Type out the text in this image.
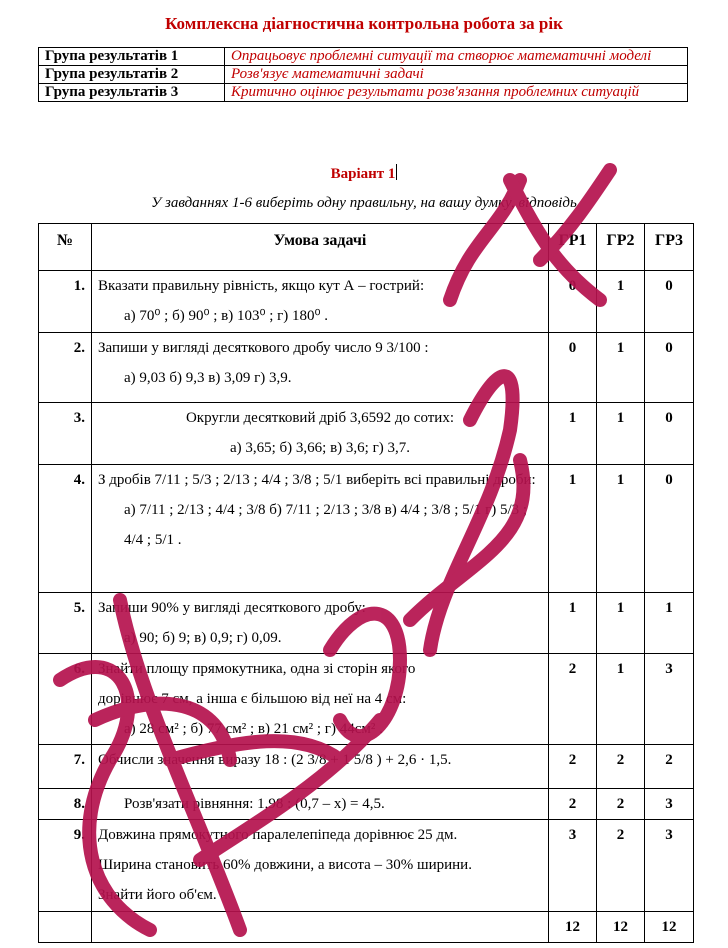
Комплексна діагностична контрольна робота за рік
Група результатів 1	Опрацьовує проблемні ситуації та створює математичні моделі
Група результатів 2	Розв'язує математичні задачі
Група результатів 3	Критично оцінює результати розв'язання проблемних ситуацій
Варіант 1
У завданнях 1-6 виберіть одну правильну, на вашу думку, відповідь
№	Умова задачі	ГР1	ГР2	ГР3
1.	Вказати правильну рівність, якщо кут А – гострий:
а) 70⁰ ; б) 90⁰ ; в) 103⁰ ; г) 180⁰ .	0	1	0
2.	Запиши у вигляді десяткового дробу число 9 3/100 :
а) 9,03 б) 9,3 в) 3,09 г) 3,9.	0	1	0
3.	Округли десятковий дріб 3,6592 до сотих:
а) 3,65; б) 3,66; в) 3,6; г) 3,7.	1	1	0
4.	З дробів 7/11 ; 5/3 ; 2/13 ; 4/4 ; 3/8 ; 5/1 виберіть всі правильні дроби:
а) 7/11 ; 2/13 ; 4/4 ; 3/8 б) 7/11 ; 2/13 ; 3/8 в) 4/4 ; 3/8 ; 5/1 г) 5/3 ; 4/4 ; 5/1 .	1	1	0
5.	Запиши 90% у вигляді десяткового дробу:
а) 90; б) 9; в) 0,9; г) 0,09.	1	1	1
6.	Знайти площу прямокутника, одна зі сторін якого
дорівнює 7 см, а інша є більшою від неї на 4 см:
а) 28 см² ; б) 77 см² ; в) 21 см² ; г) 44см² .	2	1	3
7.	Обчисли значення виразу 18 : (2 3/8 + 1 5/8 ) + 2,6 · 1,5.	2	2	2
8.	Розв'язати рівняння: 1,98 : (0,7 – х) = 4,5.	2	2	3
9.	Довжина прямокутного паралелепіпеда дорівнює 25 дм.
Ширина становить 60% довжини, а висота – 30% ширини.
Знайти його об'єм.	3	2	3
		12	12	12
